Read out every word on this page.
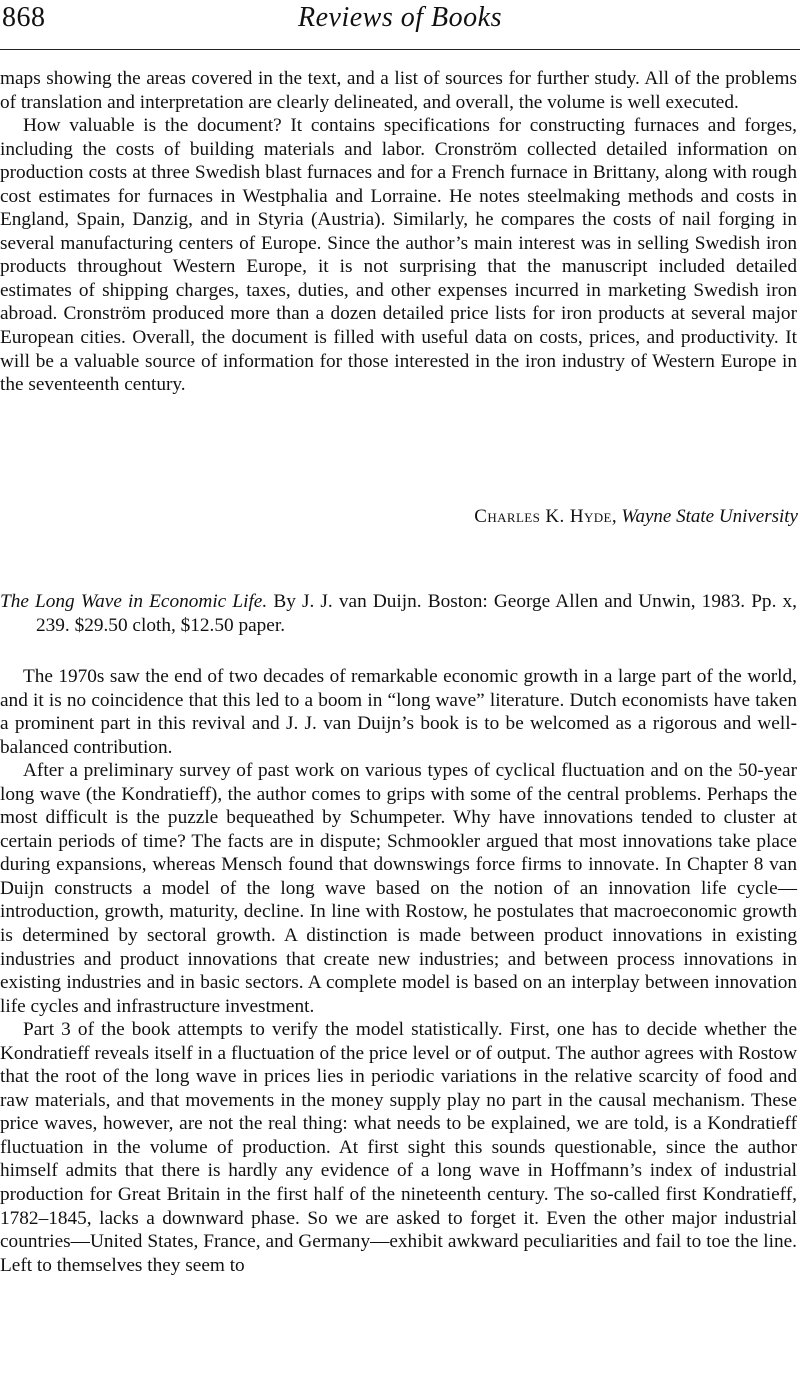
868	Reviews of Books

maps showing the areas covered in the text, and a list of sources for further study. All of the problems of translation and interpretation are clearly delineated, and overall, the volume is well executed.

How valuable is the document? It contains specifications for constructing furnaces and forges, including the costs of building materials and labor. Cronström collected detailed information on production costs at three Swedish blast furnaces and for a French furnace in Brittany, along with rough cost estimates for furnaces in Westphalia and Lorraine. He notes steelmaking methods and costs in England, Spain, Danzig, and in Styria (Austria). Similarly, he compares the costs of nail forging in several manufacturing centers of Europe. Since the author’s main interest was in selling Swedish iron products throughout Western Europe, it is not surprising that the manuscript included detailed estimates of shipping charges, taxes, duties, and other expenses incurred in marketing Swedish iron abroad. Cronström produced more than a dozen detailed price lists for iron products at several major European cities. Overall, the document is filled with useful data on costs, prices, and productivity. It will be a valuable source of information for those interested in the iron industry of Western Europe in the seventeenth century.

Charles K. Hyde, Wayne State University
The Long Wave in Economic Life. By J. J. van Duijn. Boston: George Allen and Unwin, 1983. Pp. x, 239. $29.50 cloth, $12.50 paper.

The 1970s saw the end of two decades of remarkable economic growth in a large part of the world, and it is no coincidence that this led to a boom in “long wave” literature. Dutch economists have taken a prominent part in this revival and J. J. van Duijn’s book is to be welcomed as a rigorous and well-balanced contribution.

After a preliminary survey of past work on various types of cyclical fluctuation and on the 50-year long wave (the Kondratieff), the author comes to grips with some of the central problems. Perhaps the most difficult is the puzzle bequeathed by Schumpeter. Why have innovations tended to cluster at certain periods of time? The facts are in dispute; Schmookler argued that most innovations take place during expansions, whereas Mensch found that downswings force firms to innovate. In Chapter 8 van Duijn constructs a model of the long wave based on the notion of an innovation life cycle—introduction, growth, maturity, decline. In line with Rostow, he postulates that macroeconomic growth is determined by sectoral growth. A distinction is made between product innovations in existing industries and product innovations that create new industries; and between process innovations in existing industries and in basic sectors. A complete model is based on an interplay between innovation life cycles and infrastructure investment.

Part 3 of the book attempts to verify the model statistically. First, one has to decide whether the Kondratieff reveals itself in a fluctuation of the price level or of output. The author agrees with Rostow that the root of the long wave in prices lies in periodic variations in the relative scarcity of food and raw materials, and that movements in the money supply play no part in the causal mechanism. These price waves, however, are not the real thing: what needs to be explained, we are told, is a Kondratieff fluctuation in the volume of production. At first sight this sounds questionable, since the author himself admits that there is hardly any evidence of a long wave in Hoffmann’s index of industrial production for Great Britain in the first half of the nineteenth century. The so-called first Kondratieff, 1782–1845, lacks a downward phase. So we are asked to forget it. Even the other major industrial countries—United States, France, and Germany—exhibit awkward peculiarities and fail to toe the line. Left to themselves they seem to
